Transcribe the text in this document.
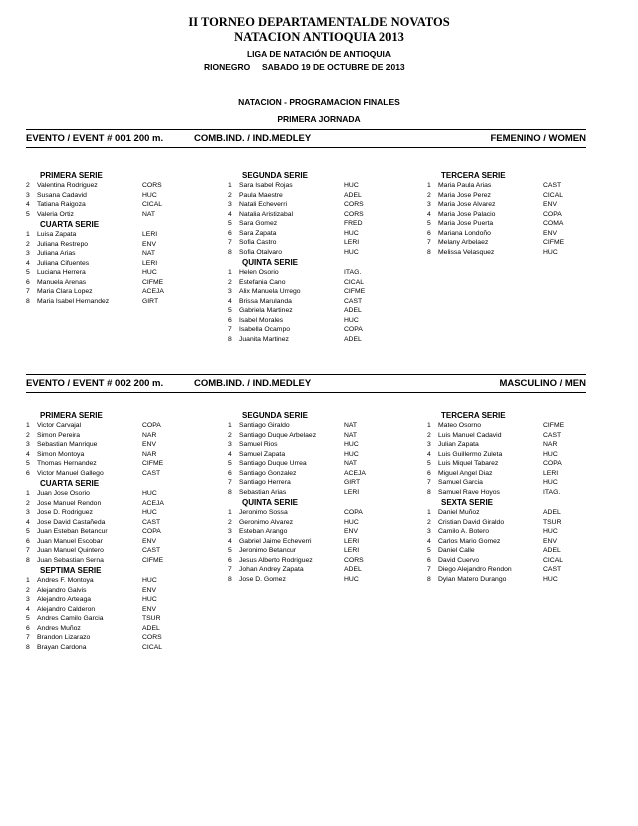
II TORNEO DEPARTAMENTALDE NOVATOS
NATACION ANTIOQUIA 2013
LIGA DE NATACIÓN DE ANTIOQUIA
RIONEGRO SABADO 19 DE OCTUBRE DE 2013
NATACION - PROGRAMACION FINALES
PRIMERA JORNADA
EVENTO / EVENT # 001 200 m.	COMB.IND. / IND.MEDLEY	FEMENINO / WOMEN
PRIMERA SERIE
2 Valentina Rodriguez	CORS
3 Susana Cadavid	HUC
4 Tatiana Raigoza	CICAL
5 Valeria Ortiz	NAT
CUARTA SERIE
1 Luisa Zapata	LERI
2 Juliana Restrepo	ENV
3 Juliana Arias	NAT
4 Juliana Cifuentes	LERI
5 Luciana Herrera	HUC
6 Manuela Arenas	CIFME
7 Maria Clara Lopez	ACEJA
8 Maria Isabel Hernandez	GIRT
SEGUNDA SERIE
1 Sara Isabel Rojas	HUC
2 Paula Maestre	ADEL
3 Natali Echeverri	CORS
4 Natalia Aristizabal	CORS
5 Sara Gomez	FRED
6 Sara Zapata	HUC
7 Sofia Castro	LERI
8 Sofia Otalvaro	HUC
QUINTA SERIE
1 Helen Osorio	ITAG.
2 Estefania Cano	CICAL
3 Alix Manuela Urrego	CIFME
4 Brissa Marulanda	CAST
5 Gabriela Martinez	ADEL
6 Isabel Morales	HUC
7 Isabella Ocampo	COPA
8 Juanita Martinez	ADEL
TERCERA SERIE
1 Maria Paula Arias	CAST
2 Maria Jose Perez	CICAL
3 Maria Jose Alvarez	ENV
4 Maria Jose Palacio	COPA
5 Maria Jose Puerta	COMA
6 Mariana Londoño	ENV
7 Melany Arbelaez	CIFME
8 Melissa Velasquez	HUC
EVENTO / EVENT # 002 200 m.	COMB.IND. / IND.MEDLEY	MASCULINO / MEN
PRIMERA SERIE
1 Victor Carvajal	COPA
2 Simon Pereira	NAR
3 Sebastian Manrique	ENV
4 Simon Montoya	NAR
5 Thomas Hernandez	CIFME
6 Victor Manuel Gallego	CAST
CUARTA SERIE
1 Juan Jose Osorio	HUC
2 Jose Manuel Rendon	ACEJA
3 Jose D. Rodriguez	HUC
4 Jose David Castañeda	CAST
5 Juan Esteban Betancur	COPA
6 Juan Manuel Escobar	ENV
7 Juan Manuel Quintero	CAST
8 Juan Sebastian Serna	CIFME
SEPTIMA SERIE
1 Andres F. Montoya	HUC
2 Alejandro Galvis	ENV
3 Alejandro Arteaga	HUC
4 Alejandro Calderon	ENV
5 Andres Camilo Garcia	TSUR
6 Andres Muñoz	ADEL
7 Brandon Lizarazo	CORS
8 Brayan Cardona	CICAL
SEGUNDA SERIE
1 Santiago Giraldo	NAT
2 Santiago Duque Arbelaez	NAT
3 Samuel Rios	HUC
4 Samuel Zapata	HUC
5 Santiago Duque Urrea	NAT
6 Santiago Gonzalez	ACEJA
7 Santiago Herrera	GIRT
8 Sebastian Arias	LERI
QUINTA SERIE
1 Jeronimo Sossa	COPA
2 Geronimo Alvarez	HUC
3 Esteban Arango	ENV
4 Gabriel Jaime Echeverri	LERI
5 Jeronimo Betancur	LERI
6 Jesus Alberto Rodriguez	CORS
7 Johan Andrey Zapata	ADEL
8 Jose D. Gomez	HUC
TERCERA SERIE
1 Mateo Osorno	CIFME
2 Luis Manuel Cadavid	CAST
3 Julian Zapata	NAR
4 Luis Guillermo Zuleta	HUC
5 Luis Miquel Tabarez	COPA
6 Miguel Angel Diaz	LERI
7 Samuel Garcia	HUC
8 Samuel Rave Hoyos	ITAG.
SEXTA SERIE
1 Daniel Muñoz	ADEL
2 Cristian David Giraldo	TSUR
3 Camilo A. Botero	HUC
4 Carlos Mario Gomez	ENV
5 Daniel Calle	ADEL
6 David Cuervo	CICAL
7 Diego Alejandro Rendon	CAST
8 Dylan Matero Durango	HUC
